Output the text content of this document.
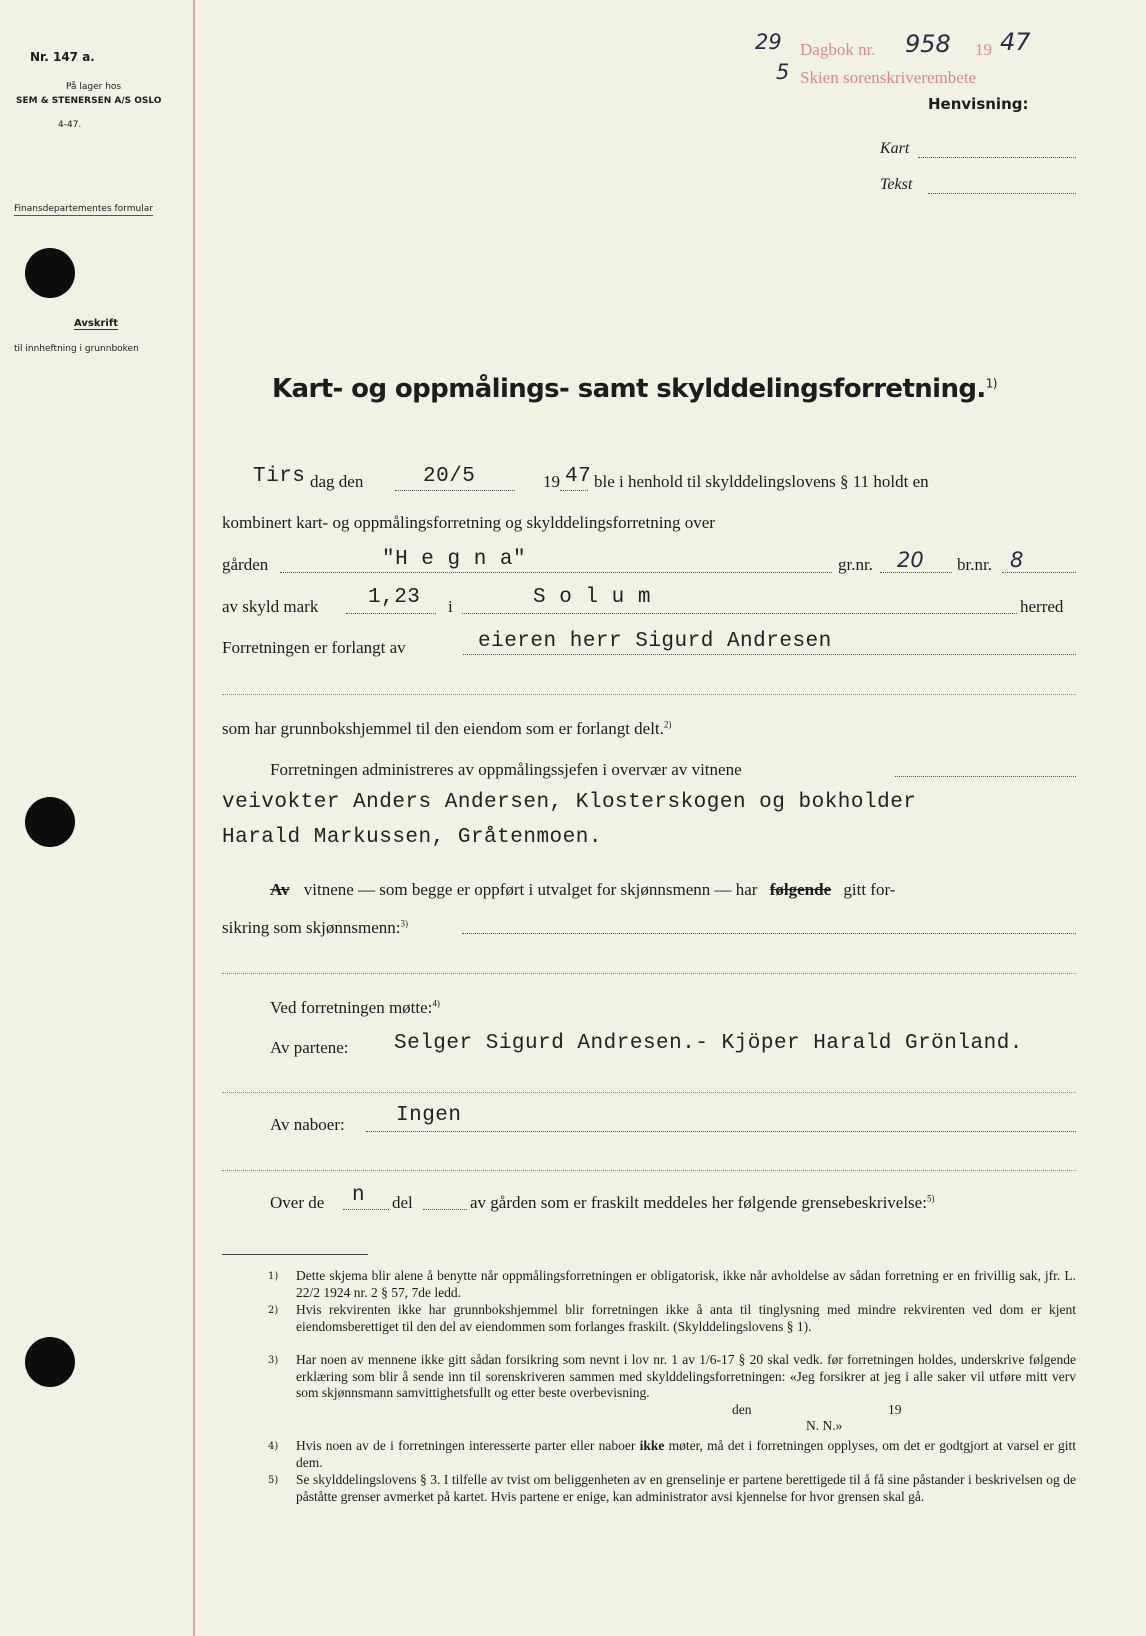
Nr. 147 a.
På lager hos
SEM & STENERSEN A/S OSLO
4-47.
Finansdepartementes formular
Avskrift
til innheftning i grunnboken
29
5
Dagbok nr. 958 19 47
Skien sorenskriverembete
Henvisning:
Kart
Tekst
Kart- og oppmålings- samt skylddelingsforretning.$^{1)}$
Tirs dag den	20/5	19 47 ble i henhold til skylddelingslovens § 11 holdt en
kombinert kart- og oppmålingsforretning og skylddelingsforretning over
gården	"H e g n a"	gr.nr. 20 br.nr. 8
av skyld mark 1,23 i	S o l u m	herred
Forretningen er forlangt av	eieren herr Sigurd Andresen
som har grunnbokshjemmel til den eiendom som er forlangt delt.$^{2)}$
Forretningen administreres av oppmålingssjefen i overvær av vitnene
veivokter Anders Andersen, Klosterskogen og bokholder
Harald Markussen, Gråtenmoen.
Av vitnene — som begge er oppført i utvalget for skjønnsmenn — har følgende gitt for-
sikring som skjønnsmenn:$^{3)}$
Ved forretningen møtte:$^{4)}$
Av partene: Selger Sigurd Andresen.- Kjöper Harald Grönland.
Av naboer: Ingen
Over de n del	av gården som er fraskilt meddeles her følgende grensebeskrivelse:$^{5)}$
1) Dette skjema blir alene å benytte når oppmålingsforretningen er obligatorisk, ikke når avholdelse av sådan forretning er en frivillig sak, jfr. L. 22/2 1924 nr. 2 § 57, 7de ledd.
2) Hvis rekvirenten ikke har grunnbokshjemmel blir forretningen ikke å anta til tinglysning med mindre rekvirenten ved dom er kjent eiendomsberettiget til den del av eiendommen som forlanges fraskilt. (Skylddelingslovens § 1).
3) Har noen av mennene ikke gitt sådan forsikring som nevnt i lov nr. 1 av 1/6-17 § 20 skal vedk. før forretningen holdes, underskrive følgende erklæring som blir å sende inn til sorenskriveren sammen med skylddelingsforretningen: «Jeg forsikrer at jeg i alle saker vil utføre mitt verv som skjønnsmann samvittighetsfullt og etter beste overbevisning.
den	19
N. N.»
4) Hvis noen av de i forretningen interesserte parter eller naboer ikke møter, må det i forretningen opplyses, om det er godtgjort at varsel er gitt dem.
5) Se skylddelingslovens § 3. I tilfelle av tvist om beliggenheten av en grenselinje er partene berettigede til å få sine påstander i beskrivelsen og de påståtte grenser avmerket på kartet. Hvis partene er enige, kan administrator avsi kjennelse for hvor grensen skal gå.
